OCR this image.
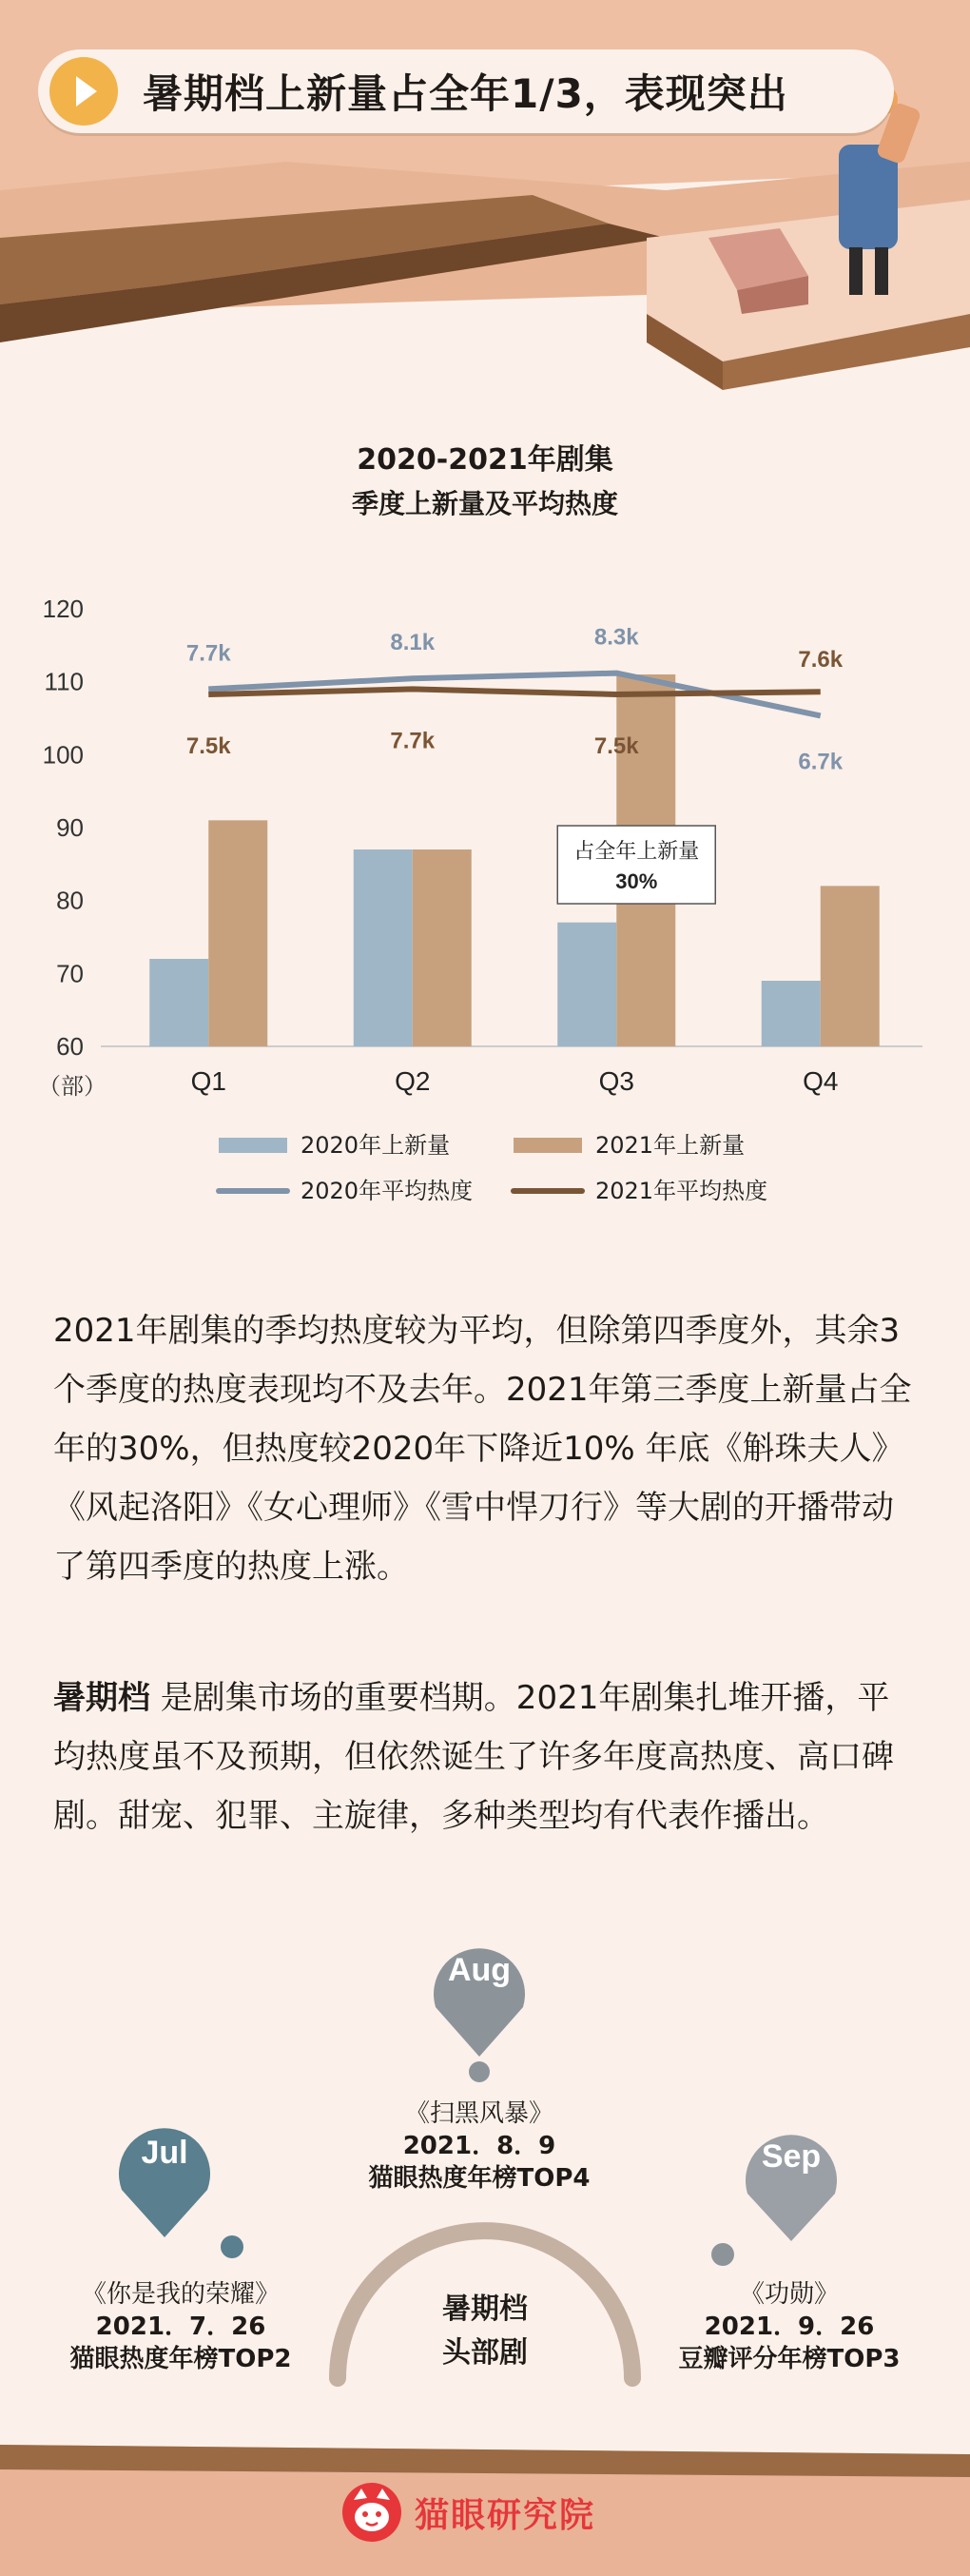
暑期档上新量占全年1/3，表现突出
2020-2021年剧集
季度上新量及平均热度
60
70
80
90
100
110
120
（部）	Q1	Q2	Q3	Q4
7.7k	8.1k	8.3k
6.7k
7.5k	7.7k	7.5k
7.6k
占全年上新量
30%
2020年上新量	2021年上新量
2020年平均热度	2021年平均热度
2021年剧集的季均热度较为平均，但除第四季度外，其余3个季度的热度表现均不及去年。2021年第三季度上新量占全年的30%，但热度较2020年下降近10% 年底《斛珠夫人》《风起洛阳》《女心理师》《雪中悍刀行》等大剧的开播带动了第四季度的热度上涨。
暑期档 是剧集市场的重要档期。2021年剧集扎堆开播，平均热度虽不及预期，但依然诞生了许多年度高热度、高口碑剧。甜宠、犯罪、主旋律，多种类型均有代表作播出。
Aug
Jul	Sep
《扫黑风暴》
2021．8．9
猫眼热度年榜TOP4
《你是我的荣耀》
2021．7．26
猫眼热度年榜TOP2
《功勋》
2021．9．26
豆瓣评分年榜TOP3
暑期档
头部剧
猫眼研究院
